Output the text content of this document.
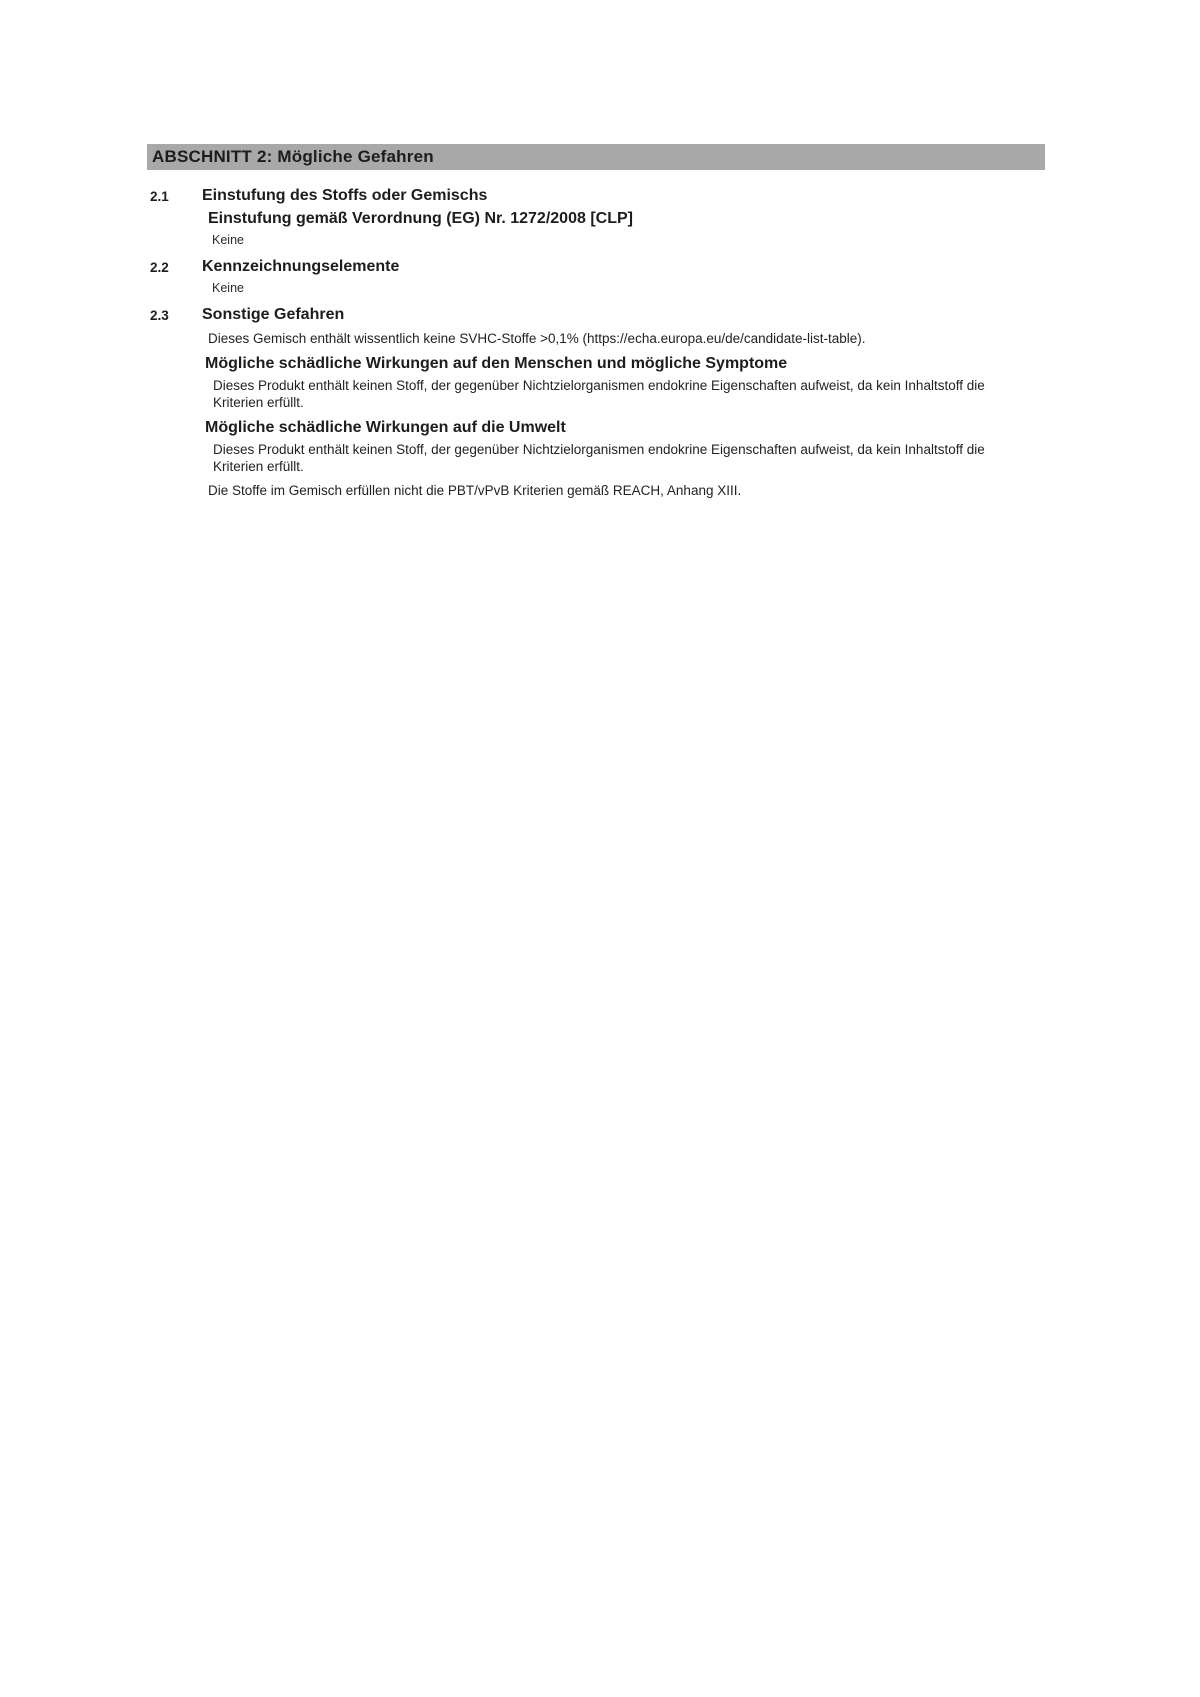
ABSCHNITT 2: Mögliche Gefahren
2.1	Einstufung des Stoffs oder Gemischs
Einstufung gemäß Verordnung (EG) Nr. 1272/2008 [CLP]
Keine
2.2	Kennzeichnungselemente
Keine
2.3	Sonstige Gefahren
Dieses Gemisch enthält wissentlich keine SVHC-Stoffe >0,1% (https://echa.europa.eu/de/candidate-list-table).
Mögliche schädliche Wirkungen auf den Menschen und mögliche Symptome
Dieses Produkt enthält keinen Stoff, der gegenüber Nichtzielorganismen endokrine Eigenschaften aufweist, da kein Inhaltstoff die Kriterien erfüllt.
Mögliche schädliche Wirkungen auf die Umwelt
Dieses Produkt enthält keinen Stoff, der gegenüber Nichtzielorganismen endokrine Eigenschaften aufweist, da kein Inhaltstoff die Kriterien erfüllt.
Die Stoffe im Gemisch erfüllen nicht die PBT/vPvB Kriterien gemäß REACH, Anhang XIII.
